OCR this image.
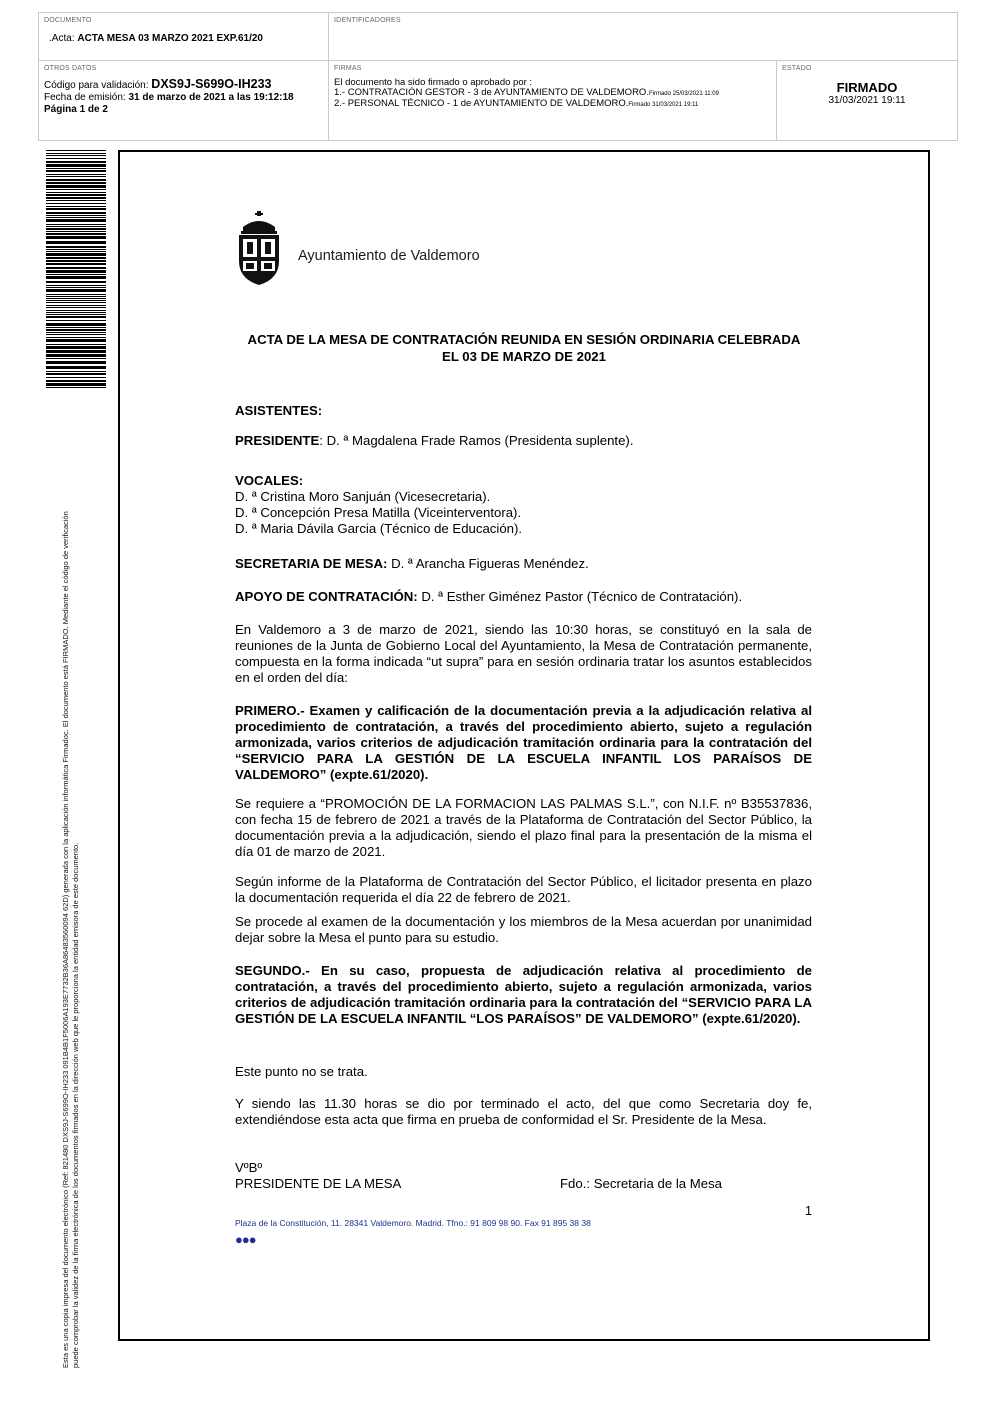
DOCUMENTO
.Acta: ACTA MESA 03 MARZO 2021 EXP.61/20
IDENTIFICADORES
OTROS DATOS
Código para validación: DXS9J-S699O-IH233
Fecha de emisión: 31 de marzo de 2021 a las 19:12:18
Página 1 de 2
FIRMAS
El documento ha sido firmado o aprobado por :
1.- CONTRATACIÓN GESTOR - 3 de AYUNTAMIENTO DE VALDEMORO.Firmado 25/03/2021 11:09
2.- PERSONAL TÉCNICO - 1 de AYUNTAMIENTO DE VALDEMORO.Firmado 31/03/2021 19:11
ESTADO
FIRMADO
31/03/2021 19:11
Esta es una copia impresa del documento electrónico (Ref: 821480 DXS9J-S699O-IH233 091B4B1F5006A193E7732B36A86483560094 62D) generada con la aplicación informática Firmadoc. El documento está FIRMADO. Mediante el código de verificación puede comprobar la validez de la firma electrónica de los documentos firmados en la dirección web que le proporciona la entidad emisora de este documento.
Ayuntamiento de Valdemoro
ACTA DE LA MESA DE CONTRATACIÓN REUNIDA EN SESIÓN ORDINARIA CELEBRADA
EL 03 DE MARZO DE 2021
ASISTENTES:
PRESIDENTE: D. ª Magdalena Frade Ramos (Presidenta suplente).
VOCALES:
D. ª Cristina Moro Sanjuán (Vicesecretaria).
D. ª Concepción Presa Matilla (Viceinterventora).
D. ª Maria Dávila Garcia (Técnico de Educación).
SECRETARIA DE MESA: D. ª Arancha Figueras Menéndez.
APOYO DE CONTRATACIÓN: D. ª Esther Giménez Pastor (Técnico de Contratación).
En Valdemoro a 3 de marzo de 2021, siendo las 10:30 horas, se constituyó en la sala de reuniones de la Junta de Gobierno Local del Ayuntamiento, la Mesa de Contratación permanente, compuesta en la forma indicada “ut supra” para en sesión ordinaria tratar los asuntos establecidos en el orden del día:
PRIMERO.- Examen y calificación de la documentación previa a la adjudicación relativa al procedimiento de contratación, a través del procedimiento abierto, sujeto a regulación armonizada, varios criterios de adjudicación tramitación ordinaria para la contratación del “SERVICIO PARA LA GESTIÓN DE LA ESCUELA INFANTIL LOS PARAÍSOS DE VALDEMORO” (expte.61/2020).
Se requiere a “PROMOCIÓN DE LA FORMACION LAS PALMAS S.L.”, con N.I.F. nº B35537836, con fecha 15 de febrero de 2021 a través de la Plataforma de Contratación del Sector Público, la documentación previa a la adjudicación, siendo el plazo final para la presentación de la misma el día 01 de marzo de 2021.
Según informe de la Plataforma de Contratación del Sector Público, el licitador presenta en plazo la documentación requerida el día 22 de febrero de 2021.
Se procede al examen de la documentación y los miembros de la Mesa acuerdan por unanimidad dejar sobre la Mesa el punto para su estudio.
SEGUNDO.- En su caso, propuesta de adjudicación relativa al procedimiento de contratación, a través del procedimiento abierto, sujeto a regulación armonizada, varios criterios de adjudicación tramitación ordinaria para la contratación del “SERVICIO PARA LA GESTIÓN DE LA ESCUELA INFANTIL “LOS PARAÍSOS” DE VALDEMORO” (expte.61/2020).
Este punto no se trata.
Y siendo las 11.30 horas se dio por terminado el acto, del que como Secretaria doy fe, extendiéndose esta acta que firma en prueba de conformidad el Sr. Presidente de la Mesa.
VºBº
PRESIDENTE DE LA MESA	Fdo.: Secretaria de la Mesa
1
Plaza de la Constitución, 11. 28341 Valdemoro. Madrid. Tfno.: 91 809 98 90. Fax 91 895 38 38
●●●
